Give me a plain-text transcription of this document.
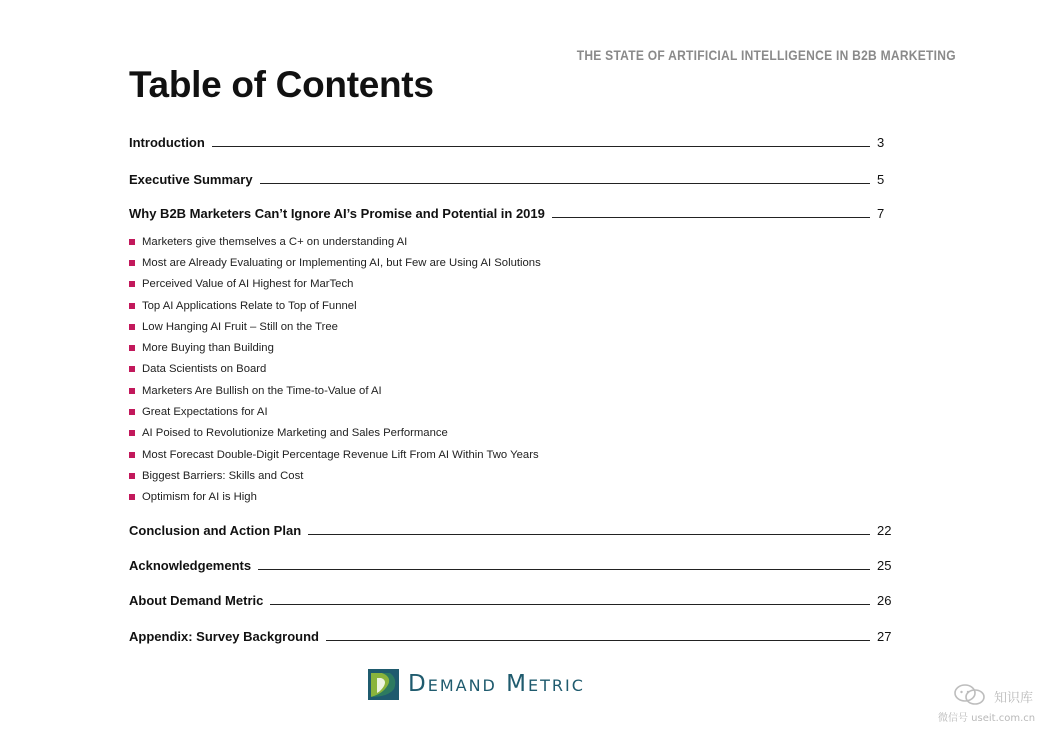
THE STATE OF ARTIFICIAL INTELLIGENCE IN B2B MARKETING
Table of Contents
Introduction	3
Executive Summary	5
Why B2B Marketers Can’t Ignore AI’s Promise and Potential in 2019	7
Marketers give themselves a C+ on understanding AI
Most are Already Evaluating or Implementing AI, but Few are Using AI Solutions
Perceived Value of AI Highest for MarTech
Top AI Applications Relate to Top of Funnel
Low Hanging AI Fruit – Still on the Tree
More Buying than Building
Data Scientists on Board
Marketers Are Bullish on the Time-to-Value of AI
Great Expectations for AI
AI Poised to Revolutionize Marketing and Sales Performance
Most Forecast Double-Digit Percentage Revenue Lift From AI Within Two Years
Biggest Barriers: Skills and Cost
Optimism for AI is High
Conclusion and Action Plan	22
Acknowledgements	25
About Demand Metric	26
Appendix: Survey Background	27
Demand Metric
知识库
微信号 useit.com.cn
